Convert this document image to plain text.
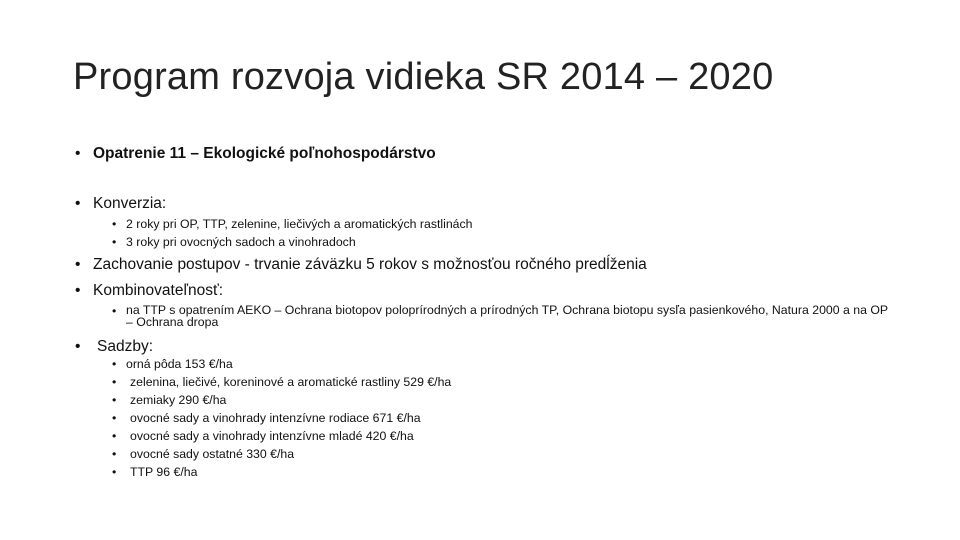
Program rozvoja vidieka SR 2014 – 2020
• Opatrenie 11 – Ekologické poľnohospodárstvo
• Konverzia:
• 2 roky pri OP, TTP, zelenine, liečivých a aromatických rastlinách
• 3 roky pri ovocných sadoch a vinohradoch
• Zachovanie postupov - trvanie záväzku 5 rokov s možnosťou ročného predĺženia
• Kombinovateľnosť:
• na TTP s opatrením AEKO – Ochrana biotopov poloprírodných a prírodných TP, Ochrana biotopu sysľa pasienkového, Natura 2000 a na OP – Ochrana dropa
• Sadzby:
• orná pôda 153 €/ha
• zelenina, liečivé, koreninové a aromatické rastliny 529 €/ha
• zemiaky 290 €/ha
• ovocné sady a vinohrady intenzívne rodiace 671 €/ha
• ovocné sady a vinohrady intenzívne mladé 420 €/ha
• ovocné sady ostatné 330 €/ha
• TTP 96 €/ha
